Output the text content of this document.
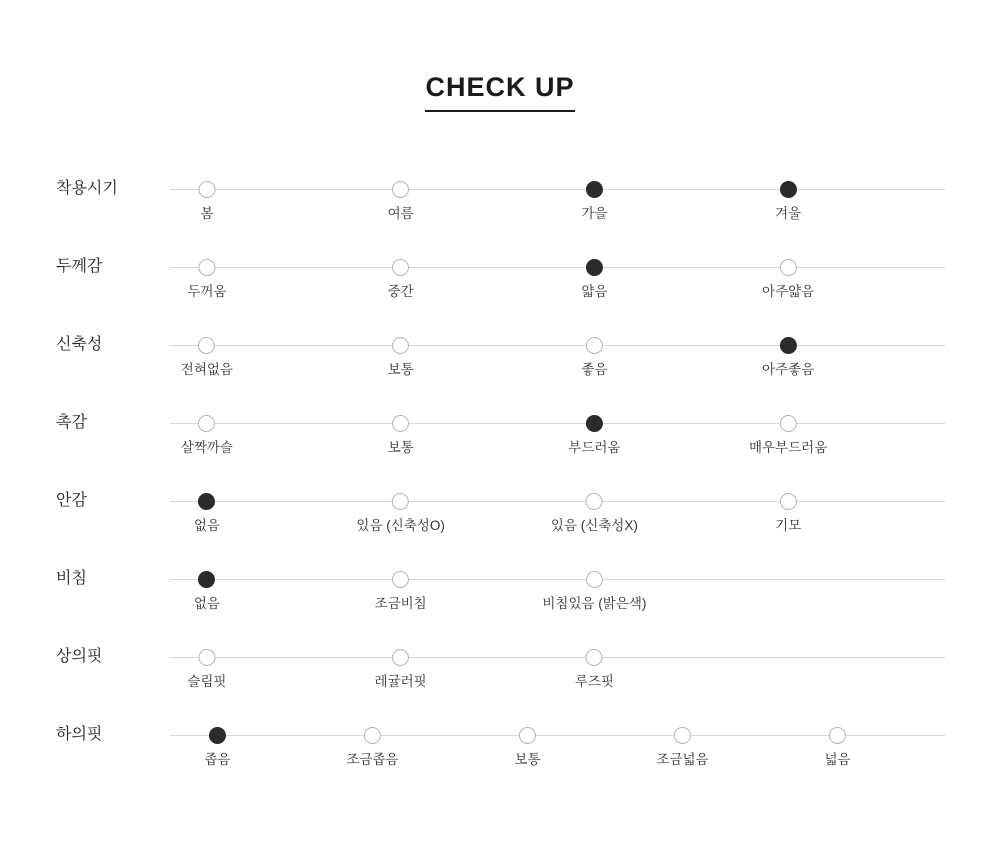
CHECK UP
착용시기
봄	여름	가을	겨울
두께감
두꺼움	중간	얇음	아주얇음
신축성
전혀없음	보통	좋음	아주좋음
촉감
살짝까슬	보통	부드러움	매우부드러움
안감
없음	있음 (신축성O)	있음 (신축성X)	기모
비침
없음	조금비침	비침있음 (밝은색)
상의핏
슬림핏	레귤러핏	루즈핏
하의핏
좁음	조금좁음	보통	조금넓음	넓음
